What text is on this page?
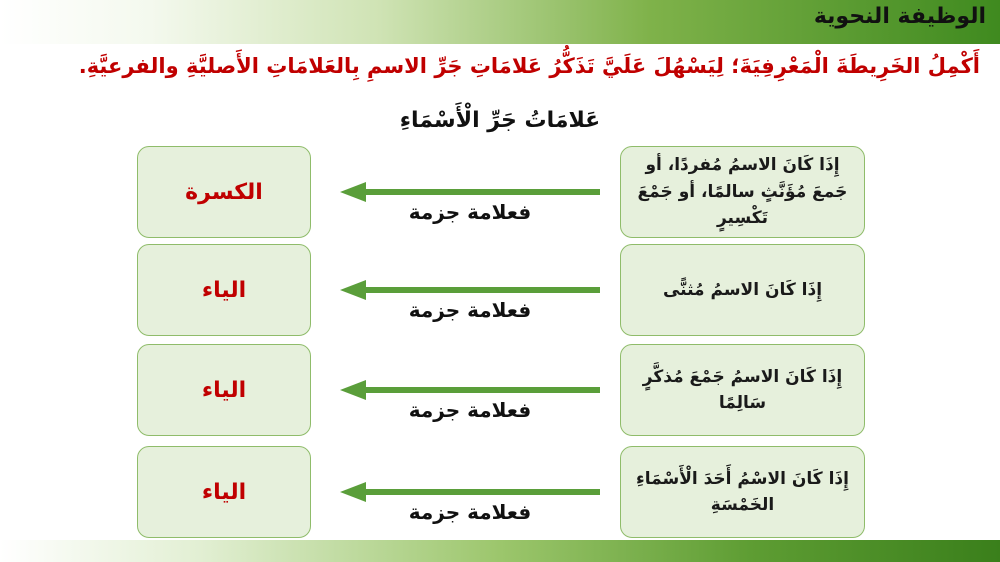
الوظيفة النحوية
أَكْمِلُ الخَرِيطَةَ الْمَعْرِفِيَةَ؛ لِيَسْهُلَ عَلَيَّ تَذَكُّرُ عَلامَاتِ جَرِّ الاسمِ بِالعَلامَاتِ الأَصليَّةِ والفرعيَّةِ.
عَلامَاتُ جَرِّ الْأَسْمَاءِ
إِذَا كَانَ الاسمُ مُفردًا، أو جَمعَ مُؤَنَّثٍ سالمًا، أو جَمْعَ تَكْسِيرٍ
فعلامة جزمة
الكسرة
إِذَا كَانَ الاسمُ مُثنًّى
فعلامة جزمة
الياء
إِذَا كَانَ الاسمُ جَمْعَ مُذكَّرٍ سَالِمًا
فعلامة جزمة
الياء
إِذَا كَانَ الاسْمُ أَحَدَ الْأَسْمَاءِ الخَمْسَةِ
فعلامة جزمة
الياء
